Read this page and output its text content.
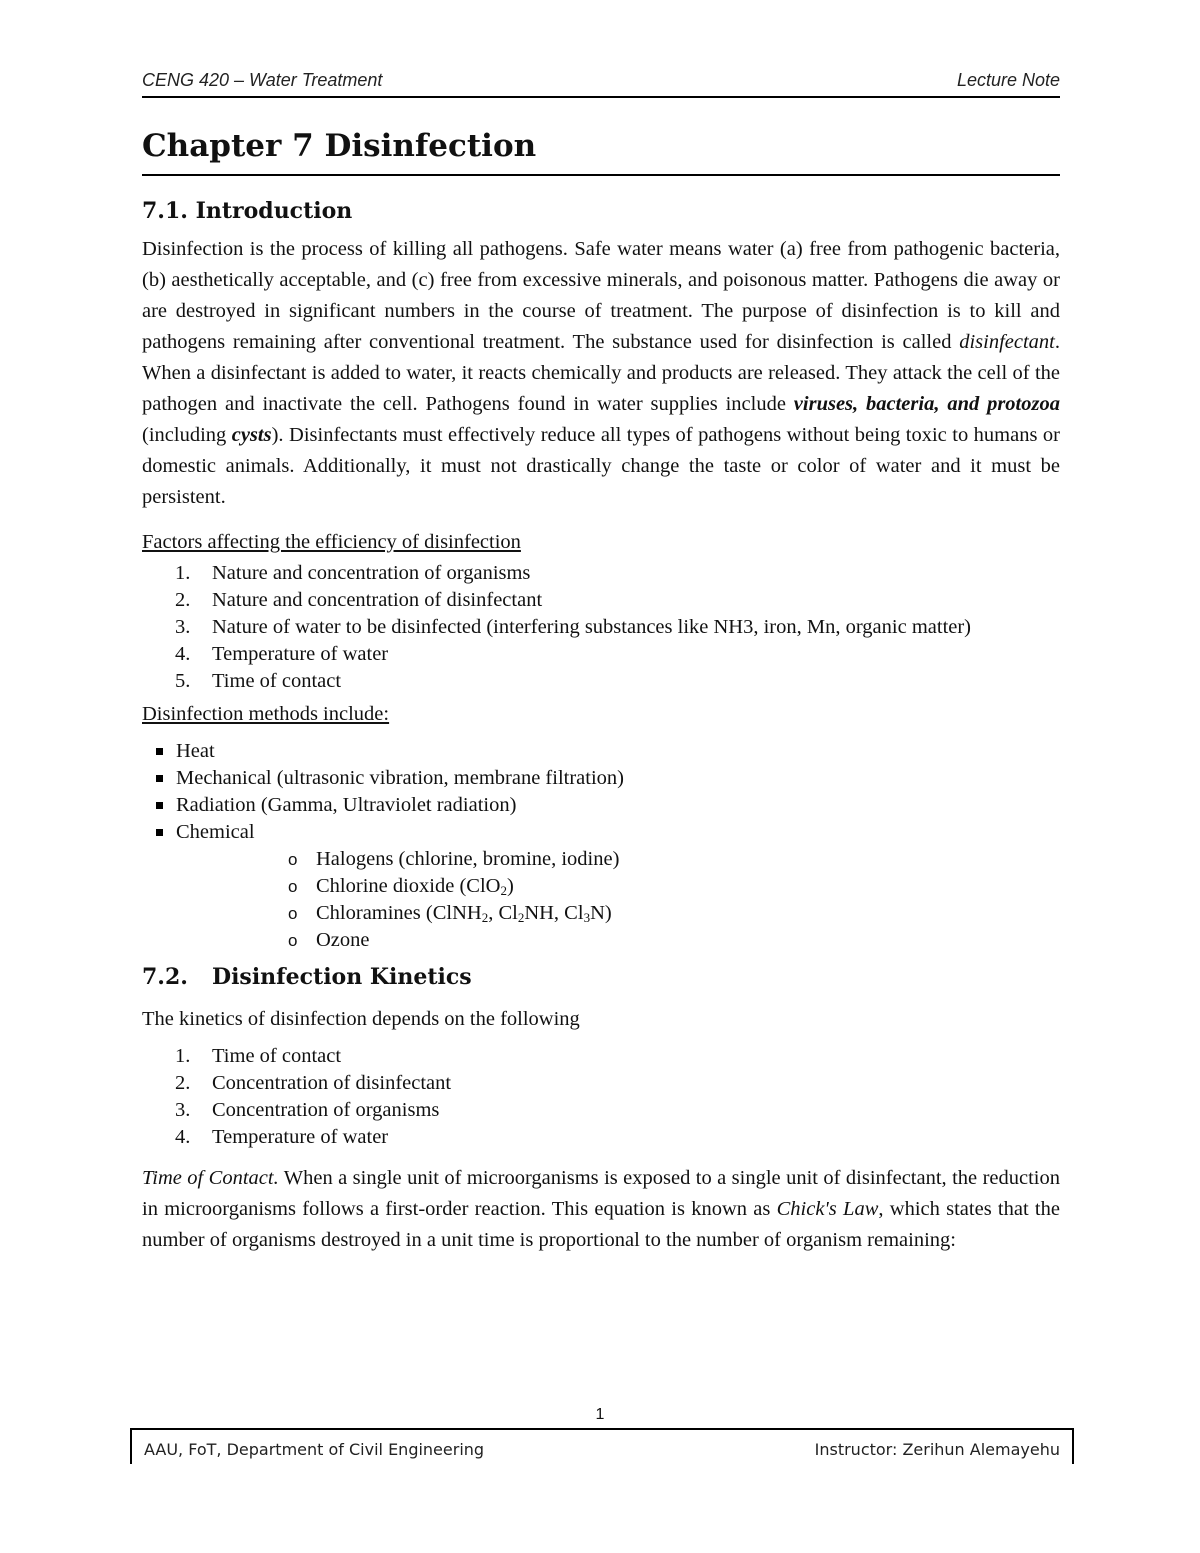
CENG 420 – Water Treatment	Lecture Note
Chapter 7 Disinfection
7.1. Introduction

Disinfection is the process of killing all pathogens. Safe water means water (a) free from pathogenic bacteria, (b) aesthetically acceptable, and (c) free from excessive minerals, and poisonous matter. Pathogens die away or are destroyed in significant numbers in the course of treatment. The purpose of disinfection is to kill and pathogens remaining after conventional treatment. The substance used for disinfection is called disinfectant. When a disinfectant is added to water, it reacts chemically and products are released. They attack the cell of the pathogen and inactivate the cell. Pathogens found in water supplies include viruses, bacteria, and protozoa (including cysts). Disinfectants must effectively reduce all types of pathogens without being toxic to humans or domestic animals. Additionally, it must not drastically change the taste or color of water and it must be persistent.

Factors affecting the efficiency of disinfection

1. Nature and concentration of organisms
2. Nature and concentration of disinfectant
3. Nature of water to be disinfected (interfering substances like NH3, iron, Mn, organic matter)
4. Temperature of water
5. Time of contact

Disinfection methods include:

Heat
Mechanical (ultrasonic vibration, membrane filtration)
Radiation (Gamma, Ultraviolet radiation)
Chemical
o Halogens (chlorine, bromine, iodine)
o Chlorine dioxide (ClO$_2$)
o Chloramines (ClNH$_2$, $Cl_2NH$, $Cl_3N$)
o Ozone
7.2. Disinfection Kinetics

The kinetics of disinfection depends on the following

1. Time of contact
2. Concentration of disinfectant
3. Concentration of organisms
4. Temperature of water

Time of Contact. When a single unit of microorganisms is exposed to a single unit of disinfectant, the reduction in microorganisms follows a first-order reaction. This equation is known as Chick's Law, which states that the number of organisms destroyed in a unit time is proportional to the number of organism remaining:

1
AAU, FoT, Department of Civil Engineering	Instructor: Zerihun Alemayehu
